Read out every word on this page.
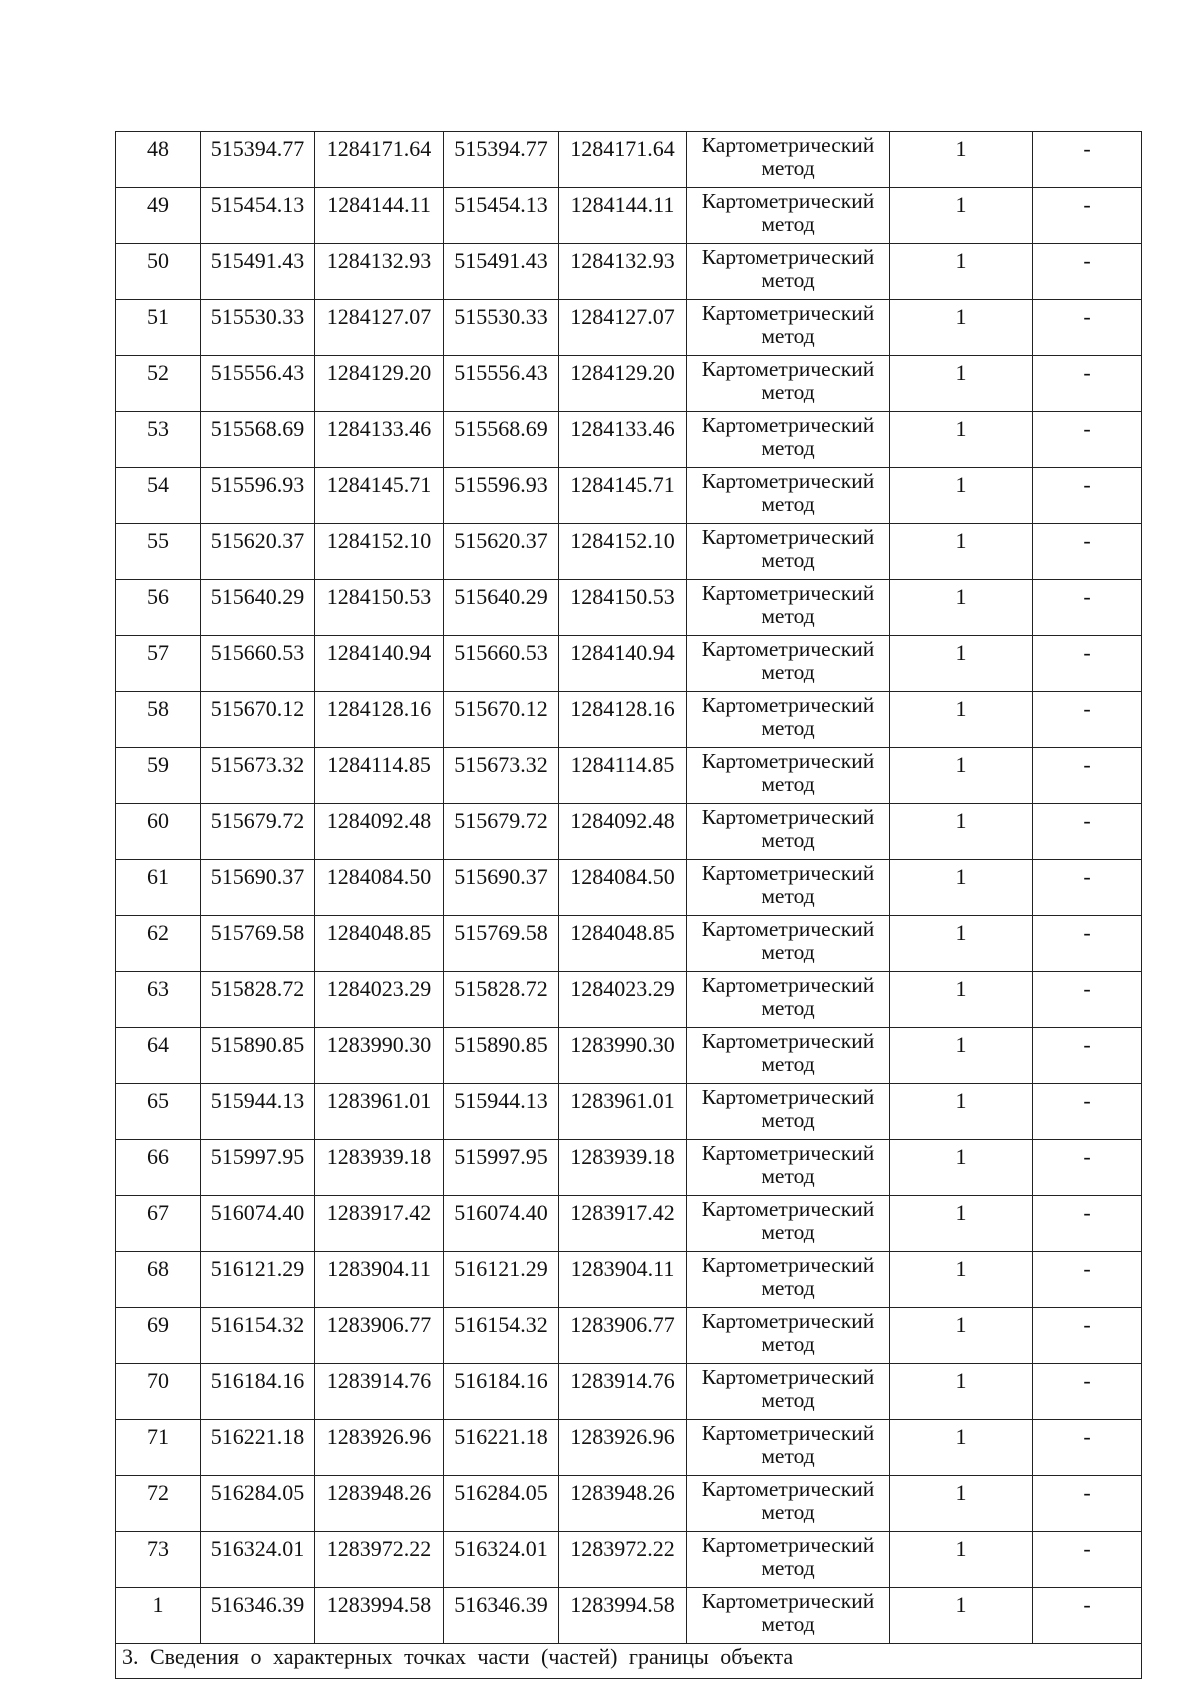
48	515394.77	1284171.64	515394.77	1284171.64	Картометрический
метод	1	-
49	515454.13	1284144.11	515454.13	1284144.11	Картометрический
метод	1	-
50	515491.43	1284132.93	515491.43	1284132.93	Картометрический
метод	1	-
51	515530.33	1284127.07	515530.33	1284127.07	Картометрический
метод	1	-
52	515556.43	1284129.20	515556.43	1284129.20	Картометрический
метод	1	-
53	515568.69	1284133.46	515568.69	1284133.46	Картометрический
метод	1	-
54	515596.93	1284145.71	515596.93	1284145.71	Картометрический
метод	1	-
55	515620.37	1284152.10	515620.37	1284152.10	Картометрический
метод	1	-
56	515640.29	1284150.53	515640.29	1284150.53	Картометрический
метод	1	-
57	515660.53	1284140.94	515660.53	1284140.94	Картометрический
метод	1	-
58	515670.12	1284128.16	515670.12	1284128.16	Картометрический
метод	1	-
59	515673.32	1284114.85	515673.32	1284114.85	Картометрический
метод	1	-
60	515679.72	1284092.48	515679.72	1284092.48	Картометрический
метод	1	-
61	515690.37	1284084.50	515690.37	1284084.50	Картометрический
метод	1	-
62	515769.58	1284048.85	515769.58	1284048.85	Картометрический
метод	1	-
63	515828.72	1284023.29	515828.72	1284023.29	Картометрический
метод	1	-
64	515890.85	1283990.30	515890.85	1283990.30	Картометрический
метод	1	-
65	515944.13	1283961.01	515944.13	1283961.01	Картометрический
метод	1	-
66	515997.95	1283939.18	515997.95	1283939.18	Картометрический
метод	1	-
67	516074.40	1283917.42	516074.40	1283917.42	Картометрический
метод	1	-
68	516121.29	1283904.11	516121.29	1283904.11	Картометрический
метод	1	-
69	516154.32	1283906.77	516154.32	1283906.77	Картометрический
метод	1	-
70	516184.16	1283914.76	516184.16	1283914.76	Картометрический
метод	1	-
71	516221.18	1283926.96	516221.18	1283926.96	Картометрический
метод	1	-
72	516284.05	1283948.26	516284.05	1283948.26	Картометрический
метод	1	-
73	516324.01	1283972.22	516324.01	1283972.22	Картометрический
метод	1	-
1	516346.39	1283994.58	516346.39	1283994.58	Картометрический
метод	1	-
3. Сведения о характерных точках части (частей) границы объекта							
